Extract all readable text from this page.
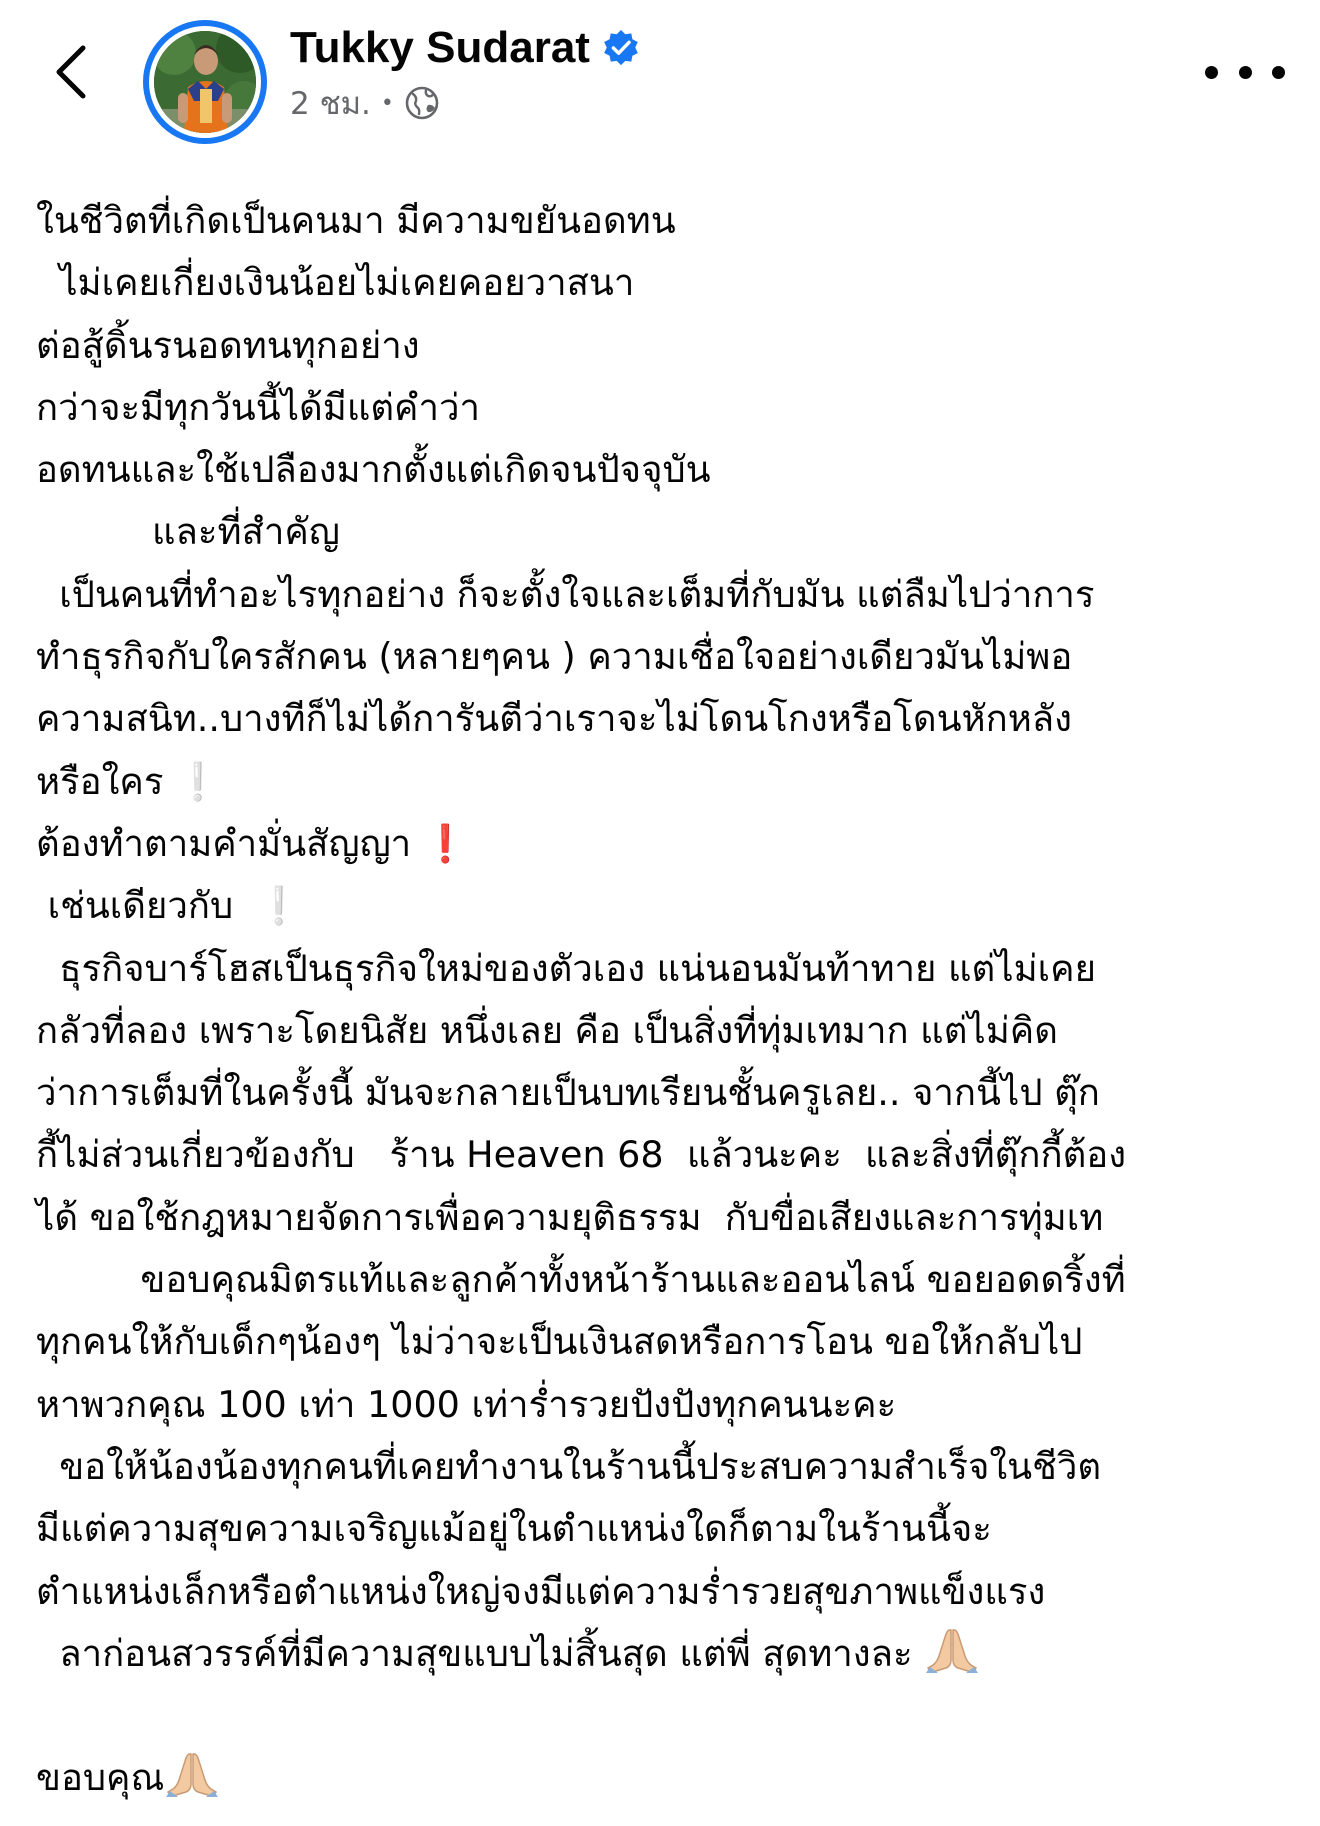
Tukky Sudarat
2 ชม. •
ในชีวิตที่เกิดเป็นคนมา มีความขยันอดทน
ไม่เคยเกี่ยงเงินน้อยไม่เคยคอยวาสนา
ต่อสู้ดิ้นรนอดทนทุกอย่าง
กว่าจะมีทุกวันนี้ได้มีแต่คำว่า
อดทนและใช้เปลืองมากตั้งแต่เกิดจนปัจจุบัน
และที่สำคัญ
เป็นคนที่ทำอะไรทุกอย่าง ก็จะตั้งใจและเต็มที่กับมัน แต่ลืมไปว่าการ
ทำธุรกิจกับใครสักคน (หลายๆคน ) ความเชื่อใจอย่างเดียวมันไม่พอ
ความสนิท..บางทีก็ไม่ได้การันตีว่าเราจะไม่โดนโกงหรือโดนหักหลัง
หรือใคร ❕
ต้องทำตามคำมั่นสัญญา ❗
เช่นเดียวกับ ❕
ธุรกิจบาร์โฮสเป็นธุรกิจใหม่ของตัวเอง แน่นอนมันท้าทาย แต่ไม่เคย
กลัวที่ลอง เพราะโดยนิสัย หนึ่งเลย คือ เป็นสิ่งที่ทุ่มเทมาก แต่ไม่คิด
ว่าการเต็มที่ในครั้งนี้ มันจะกลายเป็นบทเรียนชั้นครูเลย.. จากนี้ไป ตุ๊ก
กี้ไม่ส่วนเกี่ยวข้องกับ   ร้าน Heaven 68  แล้วนะคะ  และสิ่งที่ตุ๊กกี้ต้อง
ได้ ขอใช้กฎหมายจัดการเพื่อความยุติธรรม  กับขื่อเสียงและการทุ่มเท
ขอบคุณมิตรแท้และลูกค้าทั้งหน้าร้านและออนไลน์ ขอยอดดริ้งที่
ทุกคนให้กับเด็กๆน้องๆ ไม่ว่าจะเป็นเงินสดหรือการโอน ขอให้กลับไป
หาพวกคุณ 100 เท่า 1000 เท่าร่ำรวยปังปังทุกคนนะคะ
ขอให้น้องน้องทุกคนที่เคยทำงานในร้านนี้ประสบความสำเร็จในชีวิต
มีแต่ความสุขความเจริญแม้อยู่ในตำแหน่งใดก็ตามในร้านนี้จะ
ตำแหน่งเล็กหรือตำแหน่งใหญ่จงมีแต่ความร่ำรวยสุขภาพแข็งแรง
ลาก่อนสวรรค์ที่มีความสุขแบบไม่สิ้นสุด แต่พี่ สุดทางละ
ขอบคุณ
